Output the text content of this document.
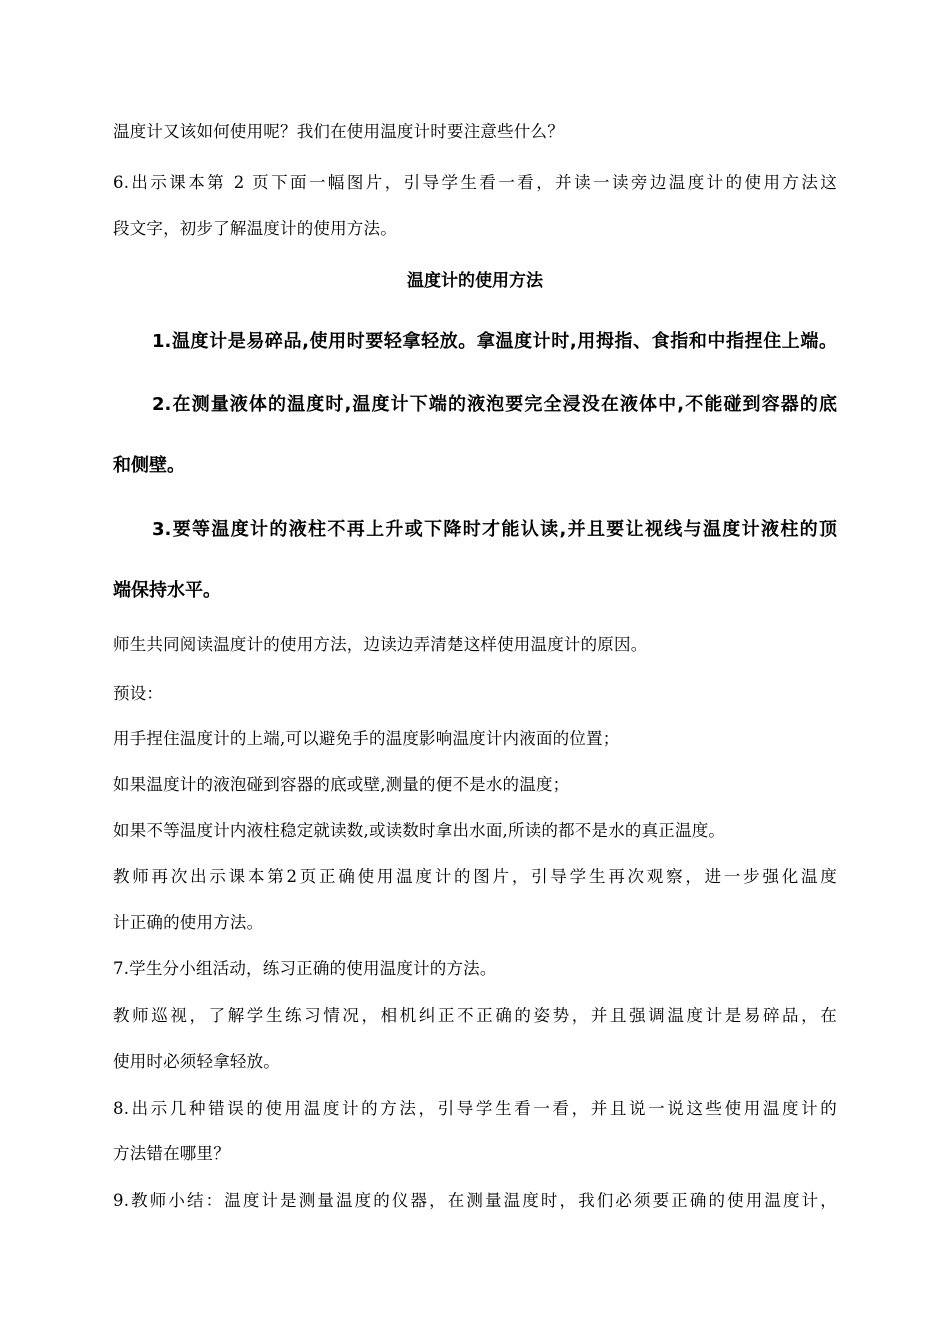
温度计又该如何使用呢？我们在使用温度计时要注意些什么？
6.出示课本第 2 页下面一幅图片，引导学生看一看，并读一读旁边温度计的使用方法这
段文字，初步了解温度计的使用方法。
温度计的使用方法
1.温度计是易碎品,使用时要轻拿轻放。拿温度计时,用拇指、食指和中指捏住上端。
2.在测量液体的温度时,温度计下端的液泡要完全浸没在液体中,不能碰到容器的底
和侧壁。
3.要等温度计的液柱不再上升或下降时才能认读,并且要让视线与温度计液柱的顶
端保持水平。
师生共同阅读温度计的使用方法，边读边弄清楚这样使用温度计的原因。
预设：
用手捏住温度计的上端,可以避免手的温度影响温度计内液面的位置；
如果温度计的液泡碰到容器的底或壁,测量的便不是水的温度；
如果不等温度计内液柱稳定就读数,或读数时拿出水面,所读的都不是水的真正温度。
教师再次出示课本第2页正确使用温度计的图片，引导学生再次观察，进一步强化温度
计正确的使用方法。
7.学生分小组活动，练习正确的使用温度计的方法。
教师巡视，了解学生练习情况，相机纠正不正确的姿势，并且强调温度计是易碎品，在
使用时必须轻拿轻放。
8.出示几种错误的使用温度计的方法，引导学生看一看，并且说一说这些使用温度计的
方法错在哪里？
9.教师小结：温度计是测量温度的仪器，在测量温度时，我们必须要正确的使用温度计，
